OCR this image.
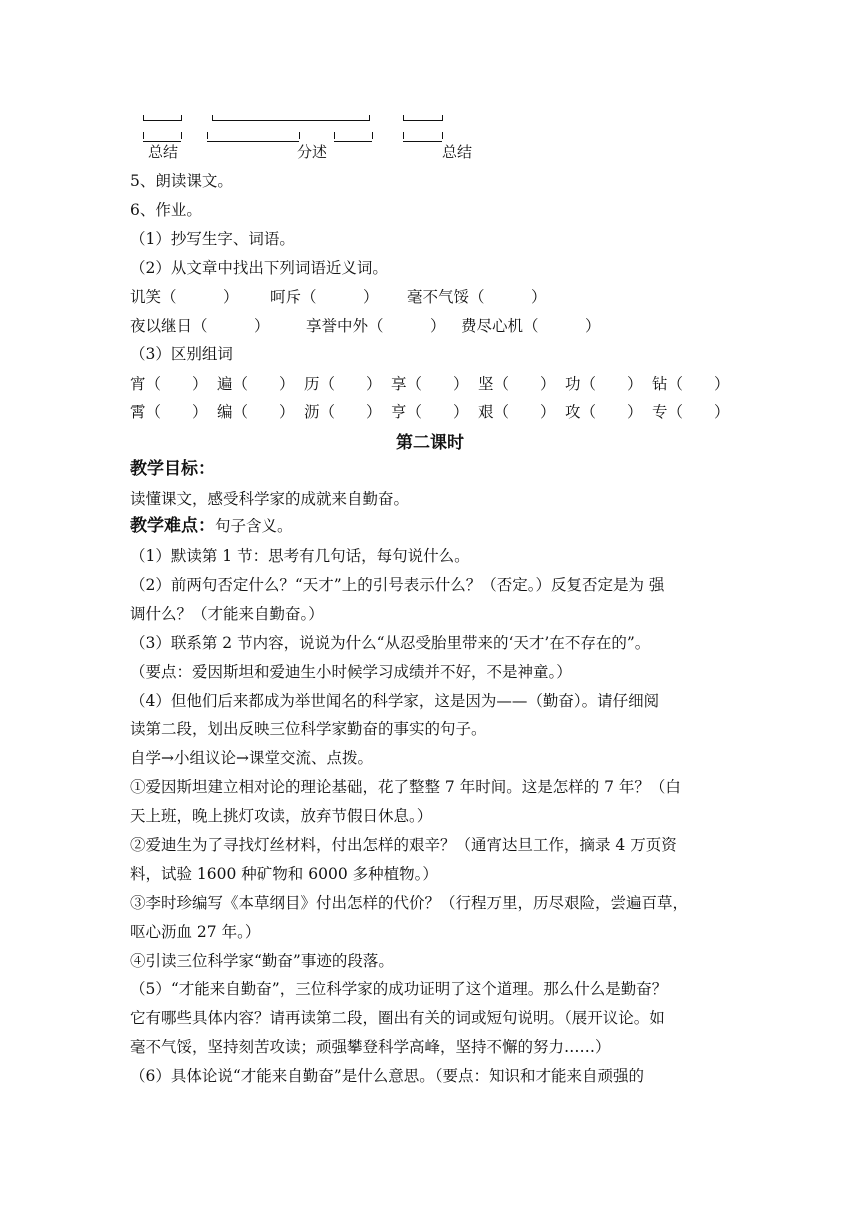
总结	分述	总结
5、朗读课文。
6、作业。
（1）抄写生字、词语。
（2）从文章中找出下列词语近义词。
讥笑（　　　） 呵斥（　　　） 毫不气馁（　　　）
夜以继日（　　　） 享誉中外（　　　） 费尽心机（　　　）
（3）区别组词
宵（　　） 遍（　　） 历（　　） 享（　　） 坚（　　） 功（　　） 钻（　　）
霄（　　） 编（　　） 沥（　　） 亨（　　） 艰（　　） 攻（　　） 专（　　）
第二课时
教学目标：
读懂课文，感受科学家的成就来自勤奋。
教学难点：句子含义。
（1）默读第 1 节：思考有几句话，每句说什么。
（2）前两句否定什么？“天才”上的引号表示什么？（否定。）反复否定是为 强
调什么？（才能来自勤奋。）
（3）联系第 2 节内容，说说为什么“从忍受胎里带来的‘天才’在不存在的”。
（要点：爱因斯坦和爱迪生小时候学习成绩并不好，不是神童。）
（4）但他们后来都成为举世闻名的科学家，这是因为——（勤奋）。请仔细阅
读第二段，划出反映三位科学家勤奋的事实的句子。
自学→小组议论→课堂交流、点拨。
①爱因斯坦建立相对论的理论基础，花了整整 7 年时间。这是怎样的 7 年？（白
天上班，晚上挑灯攻读，放弃节假日休息。）
②爱迪生为了寻找灯丝材料，付出怎样的艰辛？（通宵达旦工作，摘录 4 万页资
料，试验 1600 种矿物和 6000 多种植物。）
③李时珍编写《本草纲目》付出怎样的代价？（行程万里，历尽艰险，尝遍百草，
呕心沥血 27 年。）
④引读三位科学家“勤奋”事迹的段落。
（5）“才能来自勤奋”，三位科学家的成功证明了这个道理。那么什么是勤奋？
它有哪些具体内容？请再读第二段，圈出有关的词或短句说明。（展开议论。如
毫不气馁，坚持刻苦攻读；顽强攀登科学高峰，坚持不懈的努力……）
（6）具体论说“才能来自勤奋”是什么意思。（要点：知识和才能来自顽强的
